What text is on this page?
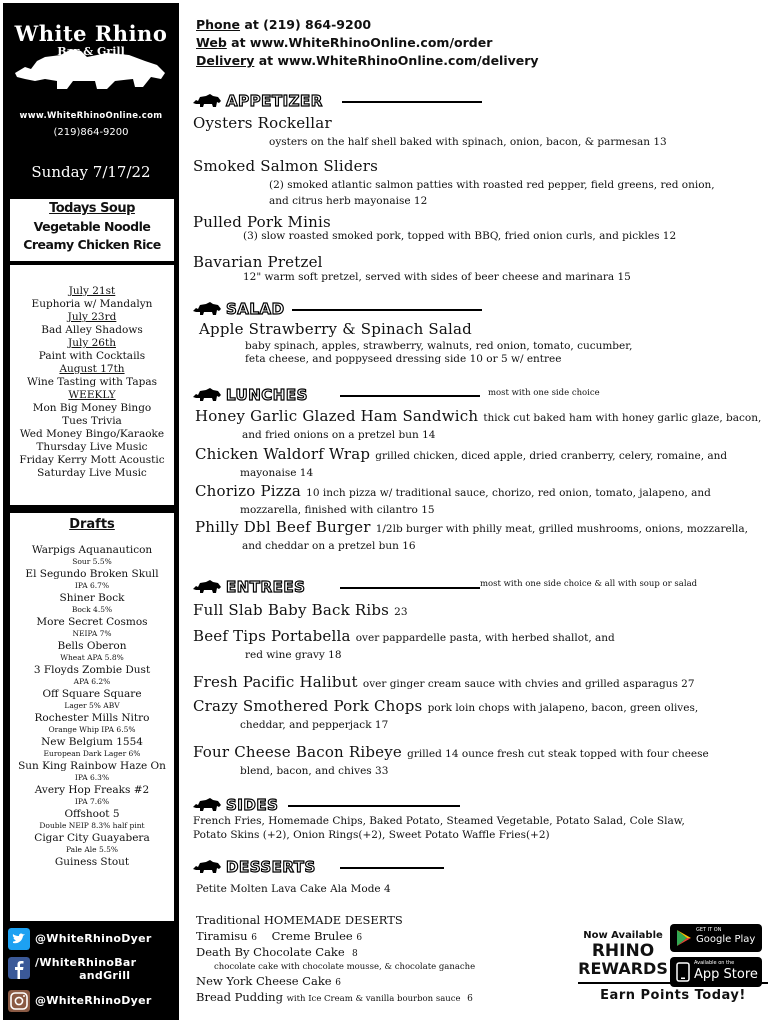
White Rhino
Bar & Grill
www.WhiteRhinoOnline.com
(219)864-9200
Sunday 7/17/22
Todays Soup
Vegetable Noodle
Creamy Chicken Rice
July 21st
Euphoria w/ Mandalyn
July 23rd
Bad Alley Shadows
July 26th
Paint with Cocktails
August 17th
Wine Tasting with Tapas
WEEKLY
Mon Big Money Bingo
Tues Trivia
Wed Money Bingo/Karaoke
Thursday Live Music
Friday Kerry Mott Acoustic
Saturday Live Music
Drafts
Warpigs Aquanauticon
Sour 5.5%
El Segundo Broken Skull
IPA 6.7%
Shiner Bock
Bock 4.5%
More Secret Cosmos
NEIPA 7%
Bells Oberon
Wheat APA 5.8%
3 Floyds Zombie Dust
APA 6.2%
Off Square Square
Lager 5% ABV
Rochester Mills Nitro
Orange Whip IPA 6.5%
New Belgium 1554
European Dark Lager 6%
Sun King Rainbow Haze On
IPA 6.3%
Avery Hop Freaks #2
IPA 7.6%
Offshoot 5
Double NEIP 8.3% half pint
Cigar City Guayabera
Pale Ale 5.5%
Guiness Stout
@WhiteRhinoDyer
/WhiteRhinoBar
andGrill
@WhiteRhinoDyer
Phone at (219) 864-9200
Web at www.WhiteRhinoOnline.com/order
Delivery at www.WhiteRhinoOnline.com/delivery
APPETIZER
Oysters Rockellar
oysters on the half shell baked with spinach, onion, bacon, & parmesan 13
Smoked Salmon Sliders
(2) smoked atlantic salmon patties with roasted red pepper, field greens, red onion,
and citrus herb mayonaise 12
Pulled Pork Minis
(3) slow roasted smoked pork, topped with BBQ, fried onion curls, and pickles 12
Bavarian Pretzel
12" warm soft pretzel, served with sides of beer cheese and marinara 15
SALAD
Apple Strawberry & Spinach Salad
baby spinach, apples, strawberry, walnuts, red onion, tomato, cucumber,
feta cheese, and poppyseed dressing side 10 or 5 w/ entree
LUNCHES	most with one side choice
Honey Garlic Glazed Ham Sandwich thick cut baked ham with honey garlic glaze, bacon,
and fried onions on a pretzel bun 14
Chicken Waldorf Wrap grilled chicken, diced apple, dried cranberry, celery, romaine, and
mayonaise 14
Chorizo Pizza 10 inch pizza w/ traditional sauce, chorizo, red onion, tomato, jalapeno, and
mozzarella, finished with cilantro 15
Philly Dbl Beef Burger 1/2lb burger with philly meat, grilled mushrooms, onions, mozzarella,
and cheddar on a pretzel bun 16
ENTREES	most with one side choice & all with soup or salad
Full Slab Baby Back Ribs 23
Beef Tips Portabella over pappardelle pasta, with herbed shallot, and
red wine gravy 18
Fresh Pacific Halibut over ginger cream sauce with chvies and grilled asparagus 27
Crazy Smothered Pork Chops pork loin chops with jalapeno, bacon, green olives,
cheddar, and pepperjack 17
Four Cheese Bacon Ribeye grilled 14 ounce fresh cut steak topped with four cheese
blend, bacon, and chives 33
SIDES
French Fries, Homemade Chips, Baked Potato, Steamed Vegetable, Potato Salad, Cole Slaw,
Potato Skins (+2), Onion Rings(+2), Sweet Potato Waffle Fries(+2)
DESSERTS
Petite Molten Lava Cake Ala Mode 4
Traditional HOMEMADE DESERTS
Tiramisu 6 Creme Brulee 6
Death By Chocolate Cake 8
chocolate cake with chocolate mousse, & chocolate ganache
New York Cheese Cake 6
Bread Pudding with Ice Cream & vanilla bourbon sauce 6
Now Available
RHINO
REWARDS
GET IT ON
Google Play
Available on the
App Store
Earn Points Today!
